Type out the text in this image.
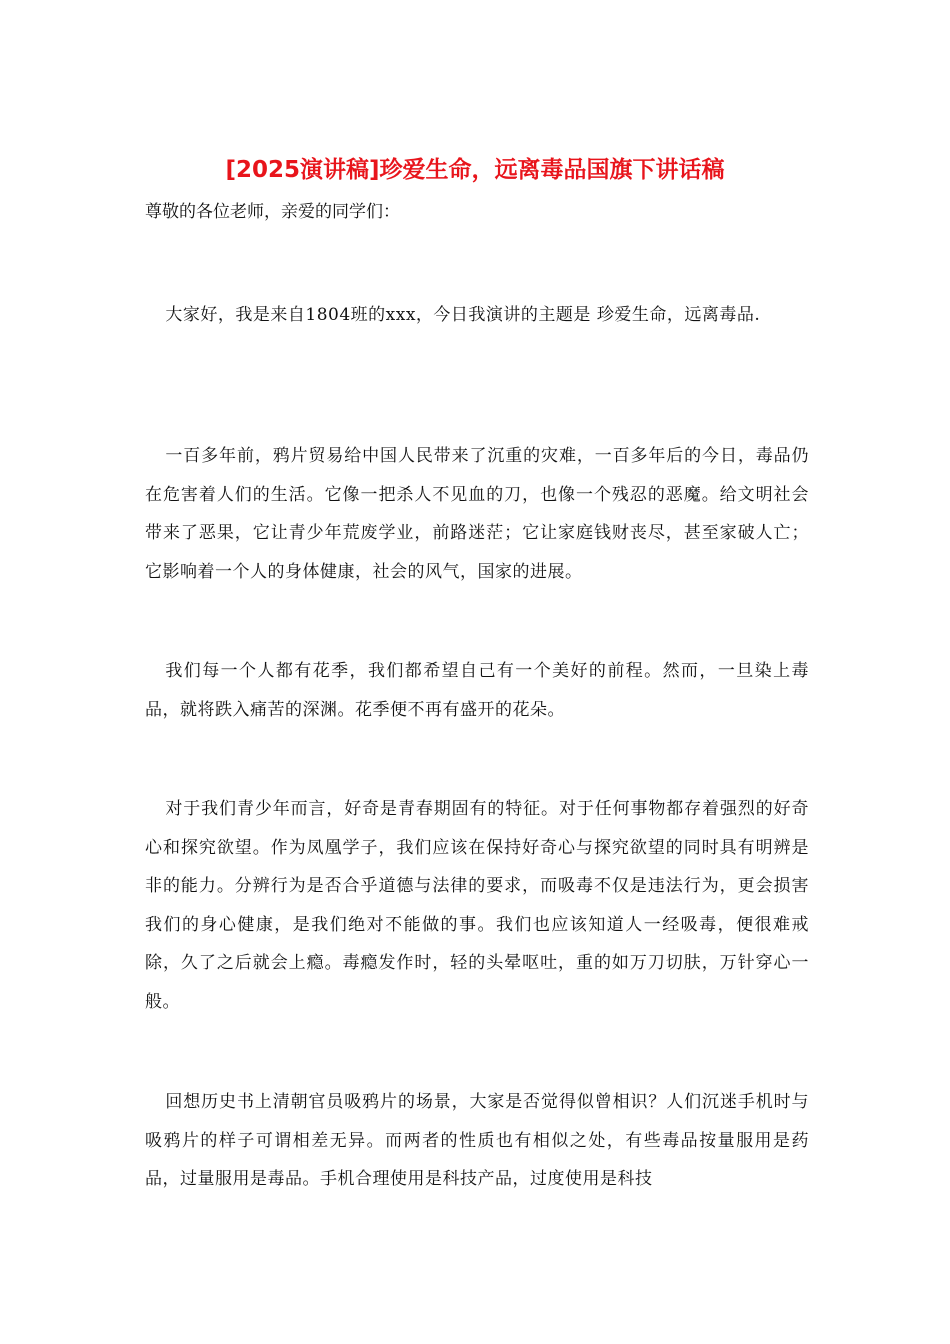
[2025演讲稿]珍爱生命，远离毒品国旗下讲话稿

尊敬的各位老师，亲爱的同学们：

大家好，我是来自1804班的xxx，今日我演讲的主题是 珍爱生命，远离毒品.

一百多年前，鸦片贸易给中国人民带来了沉重的灾难，一百多年后的今日，毒品仍在危害着人们的生活。它像一把杀人不见血的刀，也像一个残忍的恶魔。给文明社会带来了恶果，它让青少年荒废学业，前路迷茫；它让家庭钱财丧尽，甚至家破人亡；它影响着一个人的身体健康，社会的风气，国家的进展。

我们每一个人都有花季，我们都希望自己有一个美好的前程。然而，一旦染上毒品，就将跌入痛苦的深渊。花季便不再有盛开的花朵。

对于我们青少年而言，好奇是青春期固有的特征。对于任何事物都存着强烈的好奇心和探究欲望。作为凤凰学子，我们应该在保持好奇心与探究欲望的同时具有明辨是非的能力。分辨行为是否合乎道德与法律的要求，而吸毒不仅是违法行为，更会损害我们的身心健康，是我们绝对不能做的事。我们也应该知道人一经吸毒，便很难戒除，久了之后就会上瘾。毒瘾发作时，轻的头晕呕吐，重的如万刀切肤，万针穿心一般。

回想历史书上清朝官员吸鸦片的场景，大家是否觉得似曾相识？人们沉迷手机时与吸鸦片的样子可谓相差无异。而两者的性质也有相似之处，有些毒品按量服用是药品，过量服用是毒品。手机合理使用是科技产品，过度使用是科技
